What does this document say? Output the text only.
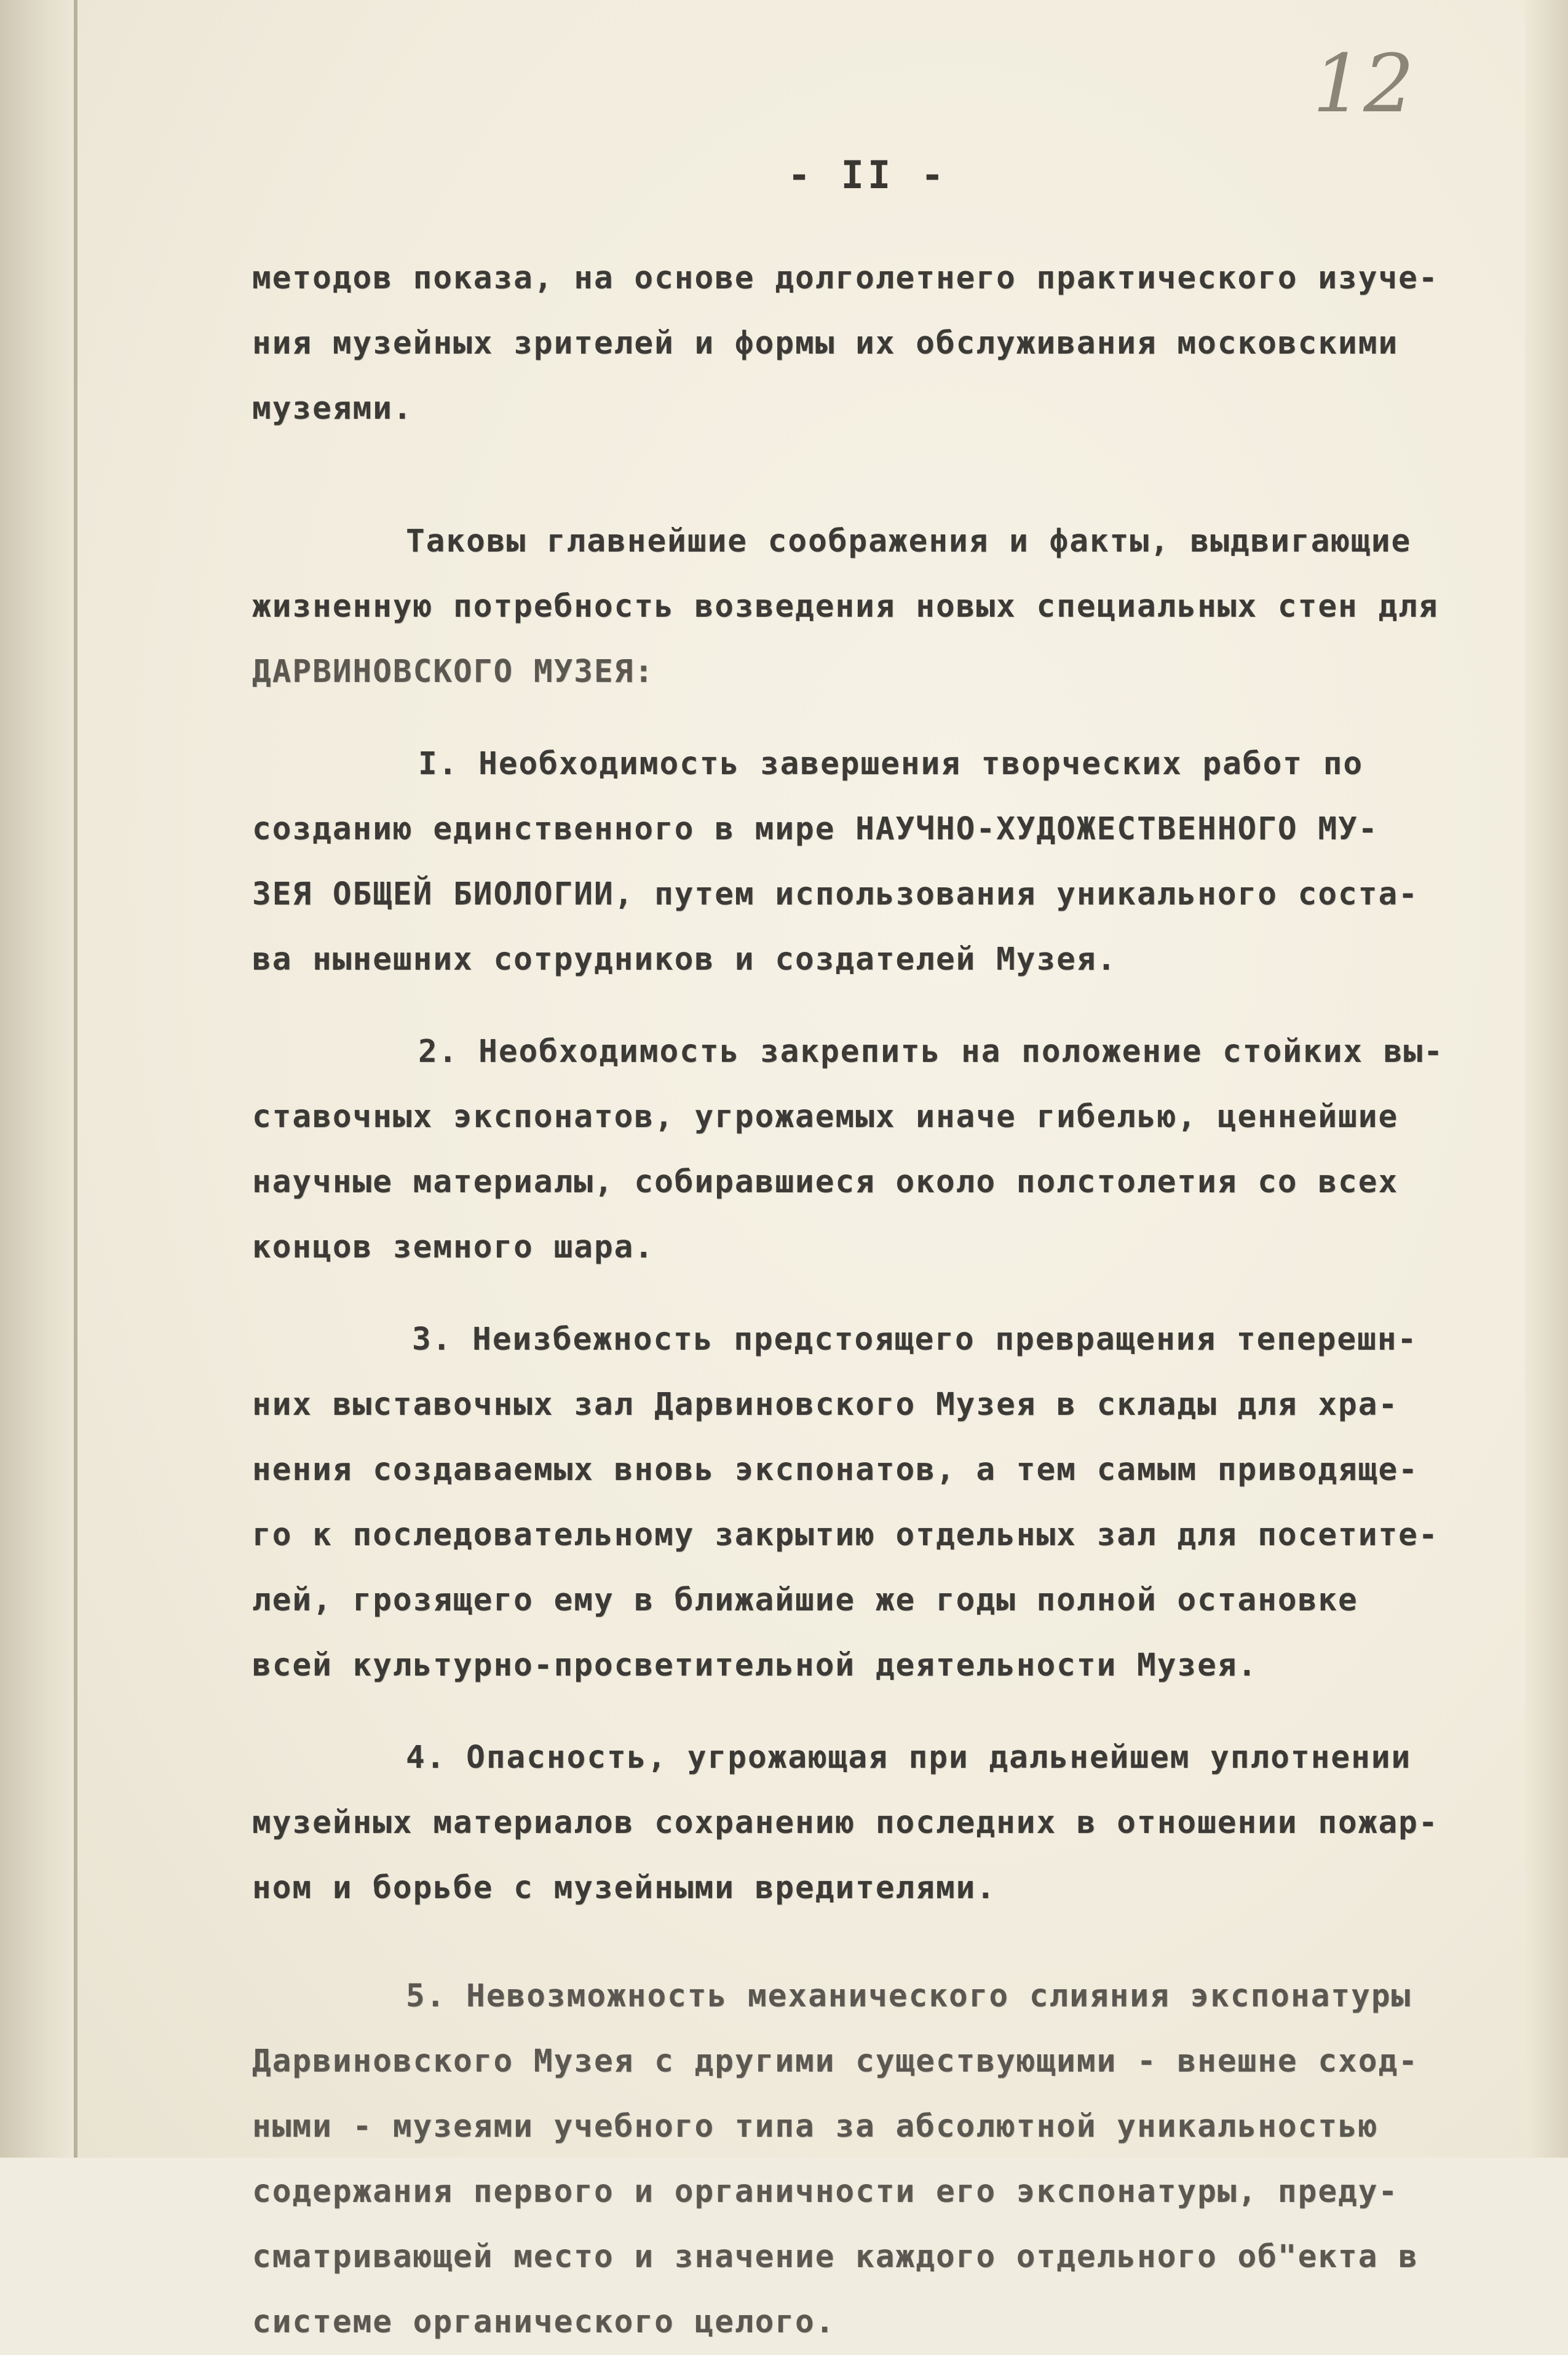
12
- II -

методов показа, на основе долголетнего практического изуче-
ния музейных зрителей и формы их обслуживания московскими
музеями.

Таковы главнейшие соображения и факты, выдвигающие
жизненную потребность возведения новых специальных стен для
ДАРВИНОВСКОГО МУЗЕЯ:

I. Необходимость завершения творческих работ по
созданию единственного в мире НАУЧНО-ХУДОЖЕСТВЕННОГО МУ-
ЗЕЯ ОБЩЕЙ БИОЛОГИИ, путем использования уникального соста-
ва нынешних сотрудников и создателей Музея.

2. Необходимость закрепить на положение стойких вы-
ставочных экспонатов, угрожаемых иначе гибелью, ценнейшие
научные материалы, собиравшиеся около полстолетия со всех
концов земного шара.

3. Неизбежность предстоящего превращения теперешн-
них выставочных зал Дарвиновского Музея в склады для хра-
нения создаваемых вновь экспонатов, а тем самым приводяще-
го к последовательному закрытию отдельных зал для посетите-
лей, грозящего ему в ближайшие же годы полной остановке
всей культурно-просветительной деятельности Музея.

4. Опасность, угрожающая при дальнейшем уплотнении
музейных материалов сохранению последних в отношении пожар-
ном и борьбе с музейными вредителями.

5. Невозможность механического слияния экспонатуры
Дарвиновского Музея с другими существующими - внешне сход-
ными - музеями учебного типа за абсолютной уникальностью
содержания первого и органичности его экспонатуры, преду-
сматривающей место и значение каждого отдельного об"екта в
системе органического целого.
